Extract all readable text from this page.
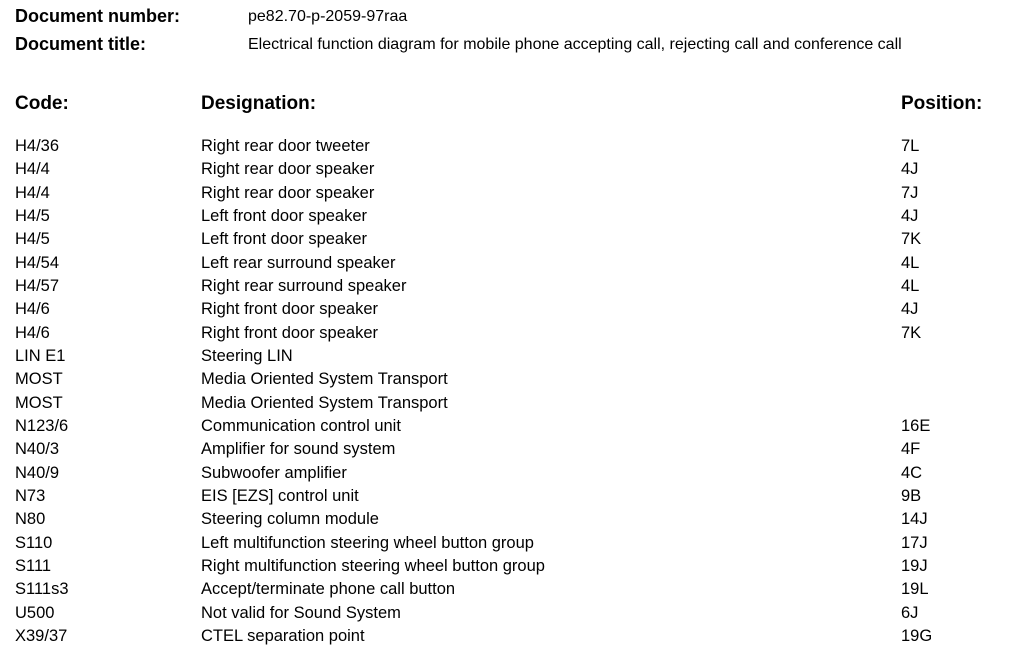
Document number:	pe82.70-p-2059-97raa
Document title:	Electrical function diagram for mobile phone accepting call, rejecting call and conference call
Code:	Designation:	Position:
H4/36	Right rear door tweeter	7L
H4/4	Right rear door speaker	4J
H4/4	Right rear door speaker	7J
H4/5	Left front door speaker	4J
H4/5	Left front door speaker	7K
H4/54	Left rear surround speaker	4L
H4/57	Right rear surround speaker	4L
H4/6	Right front door speaker	4J
H4/6	Right front door speaker	7K
LIN E1	Steering LIN
MOST	Media Oriented System Transport
MOST	Media Oriented System Transport
N123/6	Communication control unit	16E
N40/3	Amplifier for sound system	4F
N40/9	Subwoofer amplifier	4C
N73	EIS [EZS] control unit	9B
N80	Steering column module	14J
S110	Left multifunction steering wheel button group	17J
S111	Right multifunction steering wheel button group	19J
S111s3	Accept/terminate phone call button	19L
U500	Not valid for Sound System	6J
X39/37	CTEL separation point	19G
